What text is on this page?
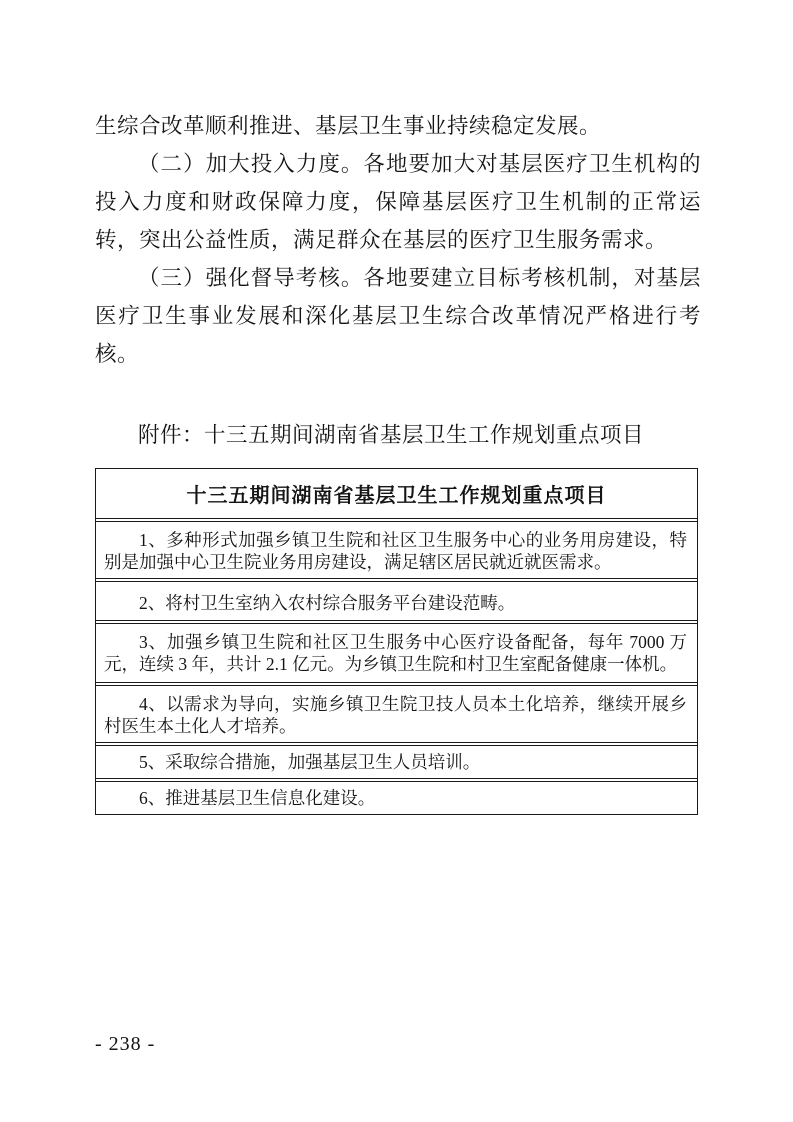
生综合改革顺利推进、基层卫生事业持续稳定发展。

（二）加大投入力度。各地要加大对基层医疗卫生机构的投入力度和财政保障力度，保障基层医疗卫生机制的正常运转，突出公益性质，满足群众在基层的医疗卫生服务需求。

（三）强化督导考核。各地要建立目标考核机制，对基层医疗卫生事业发展和深化基层卫生综合改革情况严格进行考核。

附件：十三五期间湖南省基层卫生工作规划重点项目

十三五期间湖南省基层卫生工作规划重点项目

1、多种形式加强乡镇卫生院和社区卫生服务中心的业务用房建设，特别是加强中心卫生院业务用房建设，满足辖区居民就近就医需求。

2、将村卫生室纳入农村综合服务平台建设范畴。

3、加强乡镇卫生院和社区卫生服务中心医疗设备配备，每年 7000 万元，连续 3 年，共计 2.1 亿元。为乡镇卫生院和村卫生室配备健康一体机。

4、以需求为导向，实施乡镇卫生院卫技人员本土化培养，继续开展乡村医生本土化人才培养。

5、采取综合措施，加强基层卫生人员培训。

6、推进基层卫生信息化建设。

- 238 -
